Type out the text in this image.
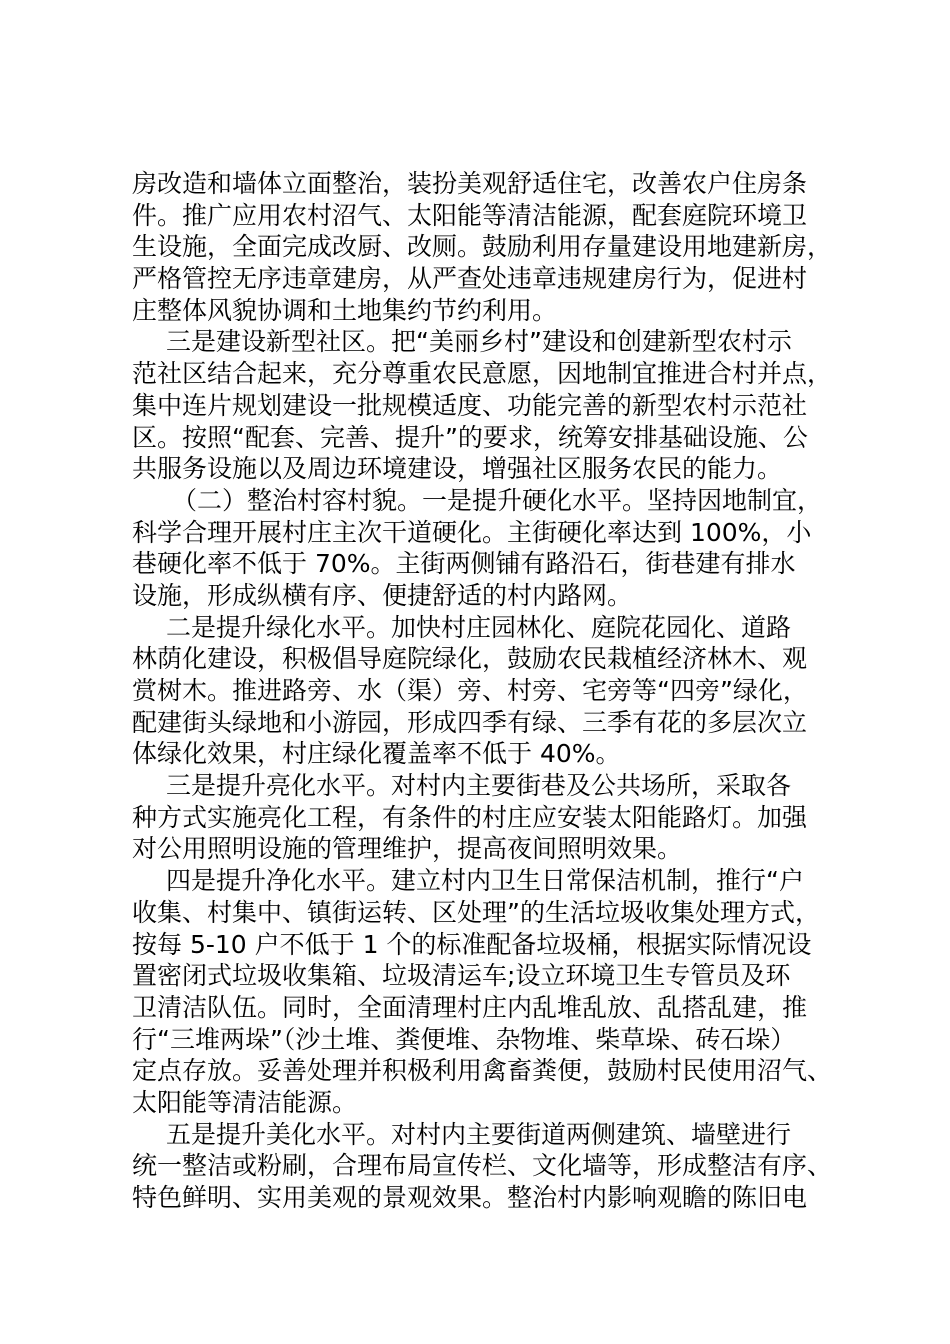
房改造和墙体立面整治，装扮美观舒适住宅，改善农户住房条
件。推广应用农村沼气、太阳能等清洁能源，配套庭院环境卫
生设施，全面完成改厨、改厕。鼓励利用存量建设用地建新房，
严格管控无序违章建房，从严查处违章违规建房行为，促进村
庄整体风貌协调和土地集约节约利用。
三是建设新型社区。把“美丽乡村”建设和创建新型农村示
范社区结合起来，充分尊重农民意愿，因地制宜推进合村并点，
集中连片规划建设一批规模适度、功能完善的新型农村示范社
区。按照“配套、完善、提升”的要求，统筹安排基础设施、公
共服务设施以及周边环境建设，增强社区服务农民的能力。
（二）整治村容村貌。一是提升硬化水平。坚持因地制宜，
科学合理开展村庄主次干道硬化。主街硬化率达到 100%，小
巷硬化率不低于 70%。主街两侧铺有路沿石，街巷建有排水
设施，形成纵横有序、便捷舒适的村内路网。
二是提升绿化水平。加快村庄园林化、庭院花园化、道路
林荫化建设，积极倡导庭院绿化，鼓励农民栽植经济林木、观
赏树木。推进路旁、水（渠）旁、村旁、宅旁等“四旁”绿化，
配建街头绿地和小游园，形成四季有绿、三季有花的多层次立
体绿化效果，村庄绿化覆盖率不低于 40%。
三是提升亮化水平。对村内主要街巷及公共场所，采取各
种方式实施亮化工程，有条件的村庄应安装太阳能路灯。加强
对公用照明设施的管理维护，提高夜间照明效果。
四是提升净化水平。建立村内卫生日常保洁机制，推行“户
收集、村集中、镇街运转、区处理”的生活垃圾收集处理方式，
按每 5-10 户不低于 1 个的标准配备垃圾桶，根据实际情况设
置密闭式垃圾收集箱、垃圾清运车;设立环境卫生专管员及环
卫清洁队伍。同时，全面清理村庄内乱堆乱放、乱搭乱建，推
行“三堆两垛”（沙土堆、粪便堆、杂物堆、柴草垛、砖石垛）
定点存放。妥善处理并积极利用禽畜粪便，鼓励村民使用沼气、
太阳能等清洁能源。
五是提升美化水平。对村内主要街道两侧建筑、墙壁进行
统一整洁或粉刷，合理布局宣传栏、文化墙等，形成整洁有序、
特色鲜明、实用美观的景观效果。整治村内影响观瞻的陈旧电
